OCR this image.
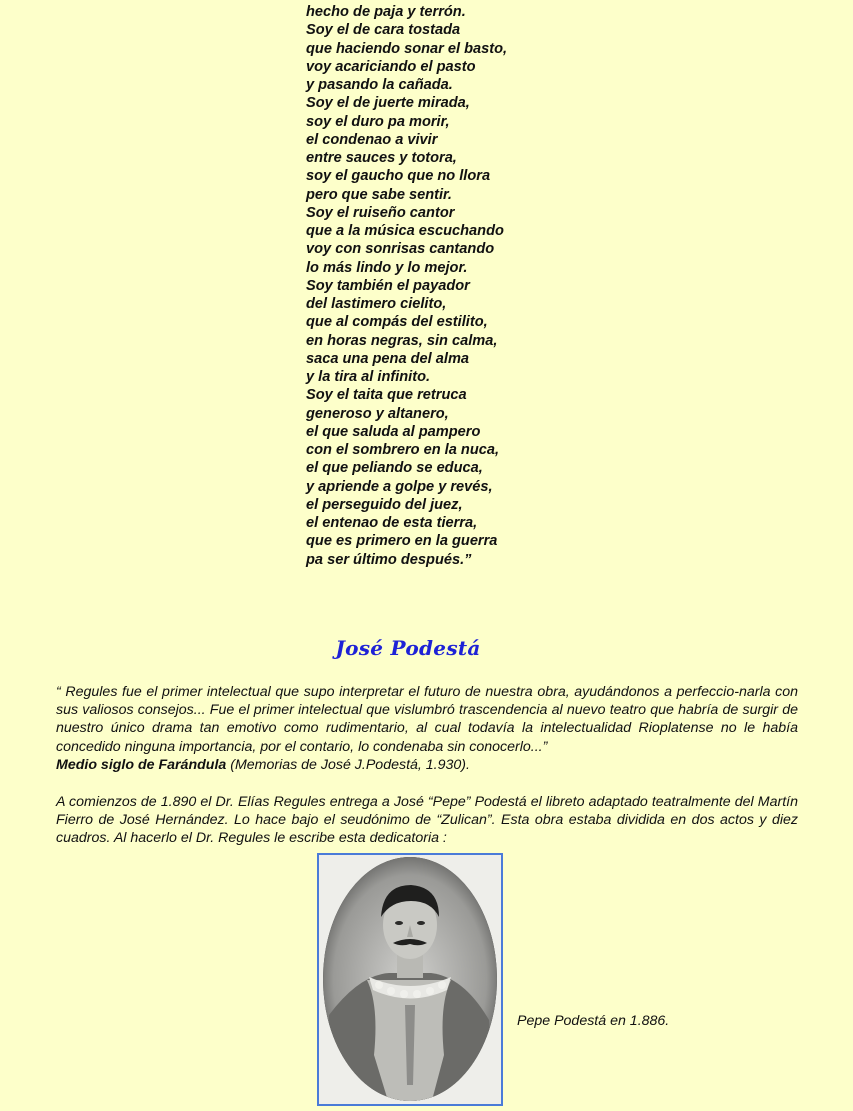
hecho de paja y terrón.
Soy el de cara tostada
que haciendo sonar el basto,
voy acariciando el pasto
y pasando la cañada.
Soy el de juerte mirada,
soy el duro pa morir,
el condenao a vivir
entre sauces y totora,
soy el gaucho que no llora
pero que sabe sentir.
Soy el ruiseño cantor
que a la música escuchando
voy con sonrisas cantando
lo más lindo y lo mejor.
Soy también el payador
del lastimero cielito,
que al compás del estilito,
en horas negras, sin calma,
saca una pena del alma
y la tira al infinito.
Soy el taita que retruca
generoso y altanero,
el que saluda al pampero
con el sombrero en la nuca,
el que peliando se educa,
y apriende a golpe y revés,
el perseguido del juez,
el entenao de esta tierra,
que es primero en la guerra
pa ser último después.”
José Podestá

“ Regules fue el primer intelectual que supo interpretar el futuro de nuestra obra, ayudándonos a perfeccio-narla con sus valiosos consejos... Fue el primer intelectual que vislumbró trascendencia al nuevo teatro que habría de surgir de nuestro único drama tan emotivo como rudimentario, al cual todavía la intelectualidad Rioplatense no le había concedido ninguna importancia, por el contario, lo condenaba sin conocerlo...”
Medio siglo de Farándula (Memorias de José J.Podestá, 1.930).

A comienzos de 1.890 el Dr. Elías Regules entrega a José “Pepe” Podestá el libreto adaptado teatralmente del Martín Fierro de José Hernández. Lo hace bajo el seudónimo de “Zulican”. Esta obra estaba dividida en dos actos y diez cuadros. Al hacerlo el Dr. Regules le escribe esta dedicatoria :

Pepe Podestá en 1.886.
